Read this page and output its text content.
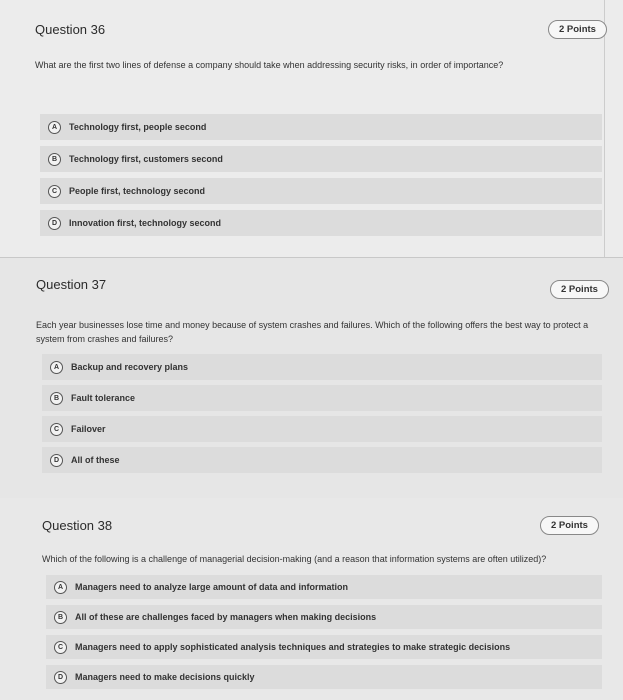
Question 36	2 Points
What are the first two lines of defense a company should take when addressing security risks, in order of importance?
A	Technology first, people second
B	Technology first, customers second
C	People first, technology second
D	Innovation first, technology second
Question 37	2 Points
Each year businesses lose time and money because of system crashes and failures. Which of the following offers the best way to protect a system from crashes and failures?
A	Backup and recovery plans
B	Fault tolerance
C	Failover
D	All of these
Question 38	2 Points
Which of the following is a challenge of managerial decision-making (and a reason that information systems are often utilized)?
A	Managers need to analyze large amount of data and information
B	All of these are challenges faced by managers when making decisions
C	Managers need to apply sophisticated analysis techniques and strategies to make strategic decisions
D	Managers need to make decisions quickly
